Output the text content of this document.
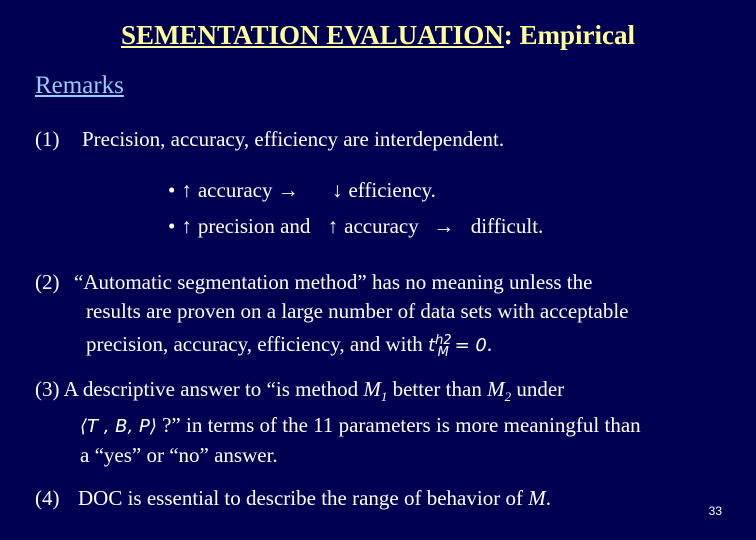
SEMENTATION EVALUATION: Empirical
Remarks
(1) Precision, accuracy, efficiency are interdependent.
• ↑ accuracy → ↓ efficiency.
• ↑ precision and ↑ accuracy → difficult.
(2) “Automatic segmentation method” has no meaning unless the
results are proven on a large number of data sets with acceptable
precision, accuracy, efficiency, and with $t^{h2}_M = 0$.
(3) A descriptive answer to “is method $M_1$ better than $M_2$ under
⟨T , B, P⟩ ?” in terms of the 11 parameters is more meaningful than
a “yes” or “no” answer.
(4) DOC is essential to describe the range of behavior of M.
33
